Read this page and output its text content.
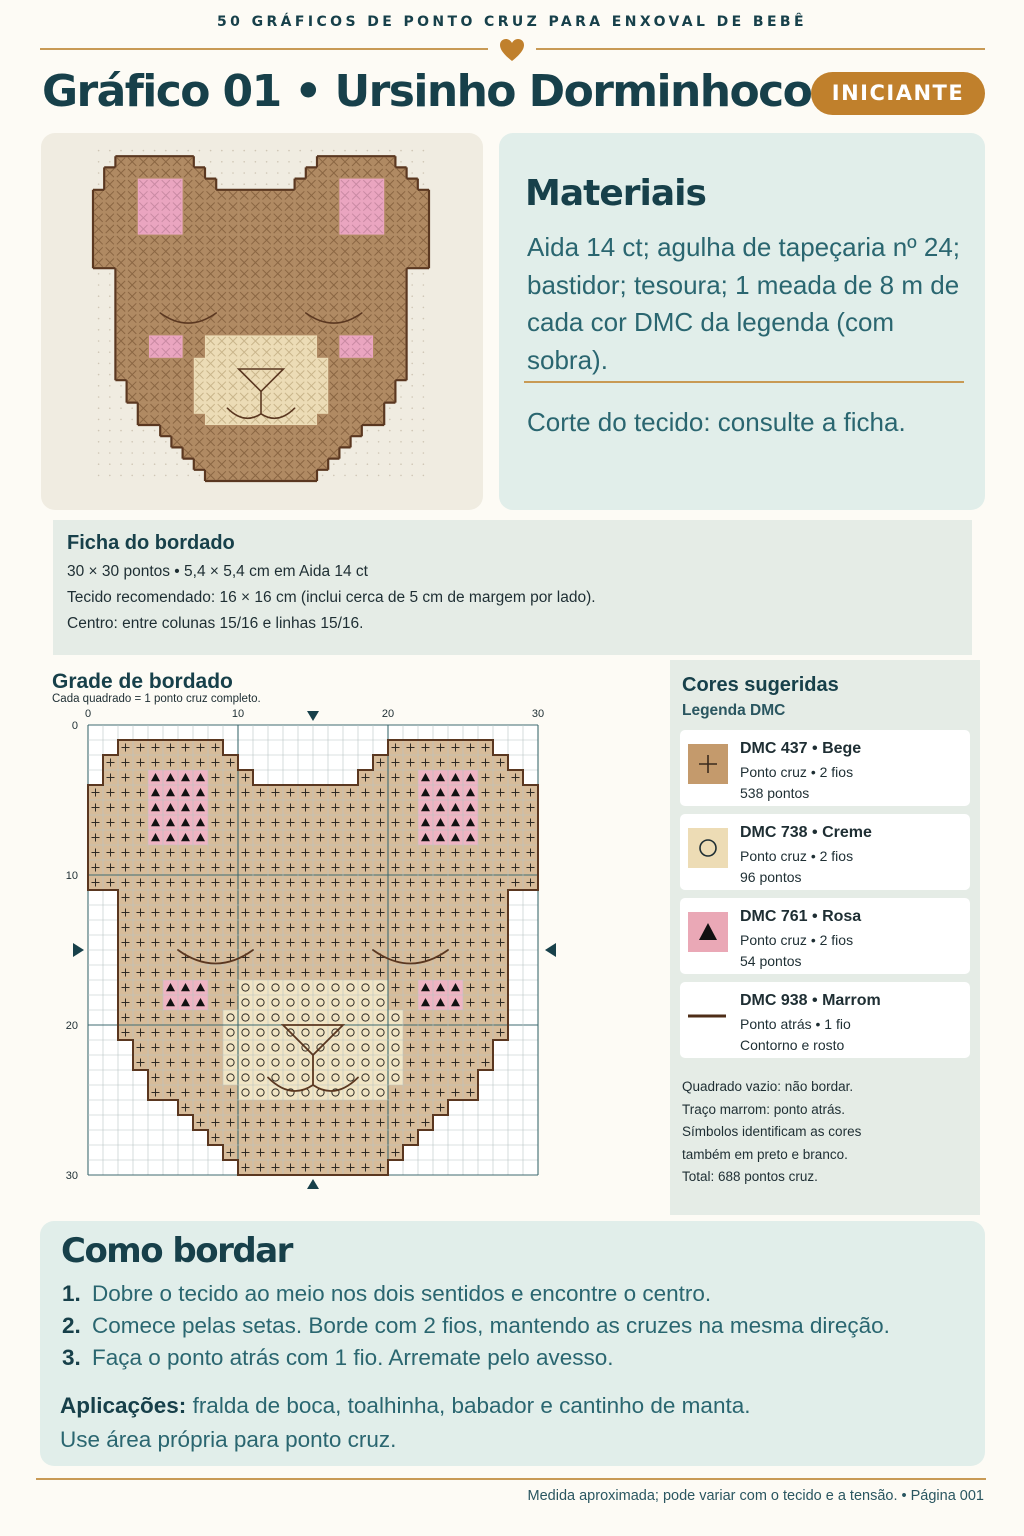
50 GRÁFICOS DE PONTO CRUZ PARA ENXOVAL DE BEBÊ
Gráfico 01 • Ursinho Dorminhoco INICIANTE
Materiais
Aida 14 ct; agulha de tapeçaria nº 24; bastidor; tesoura; 1 meada de 8 m de cada cor DMC da legenda (com sobra).
Corte do tecido: consulte a ficha.
Ficha do bordado
30 × 30 pontos • 5,4 × 5,4 cm em Aida 14 ct
Tecido recomendado: 16 × 16 cm (inclui cerca de 5 cm de margem por lado).
Centro: entre colunas 15/16 e linhas 15/16.
Grade de bordado
Cada quadrado = 1 ponto cruz completo.
0
0
10
10
20
20
30
30
Cores sugeridas
Legenda DMC
DMC 437 • Bege
Ponto cruz • 2 fios
538 pontos
DMC 738 • Creme
Ponto cruz • 2 fios
96 pontos
DMC 761 • Rosa
Ponto cruz • 2 fios
54 pontos
DMC 938 • Marrom
Ponto atrás • 1 fio
Contorno e rosto
Quadrado vazio: não bordar.
Traço marrom: ponto atrás.
Símbolos identificam as cores
também em preto e branco.
Total: 688 pontos cruz.
Como bordar
1. Dobre o tecido ao meio nos dois sentidos e encontre o centro.
2. Comece pelas setas. Borde com 2 fios, mantendo as cruzes na mesma direção.
3. Faça o ponto atrás com 1 fio. Arremate pelo avesso.
Aplicações: fralda de boca, toalhinha, babador e cantinho de manta.
Use área própria para ponto cruz.
Medida aproximada; pode variar com o tecido e a tensão. • Página 001
